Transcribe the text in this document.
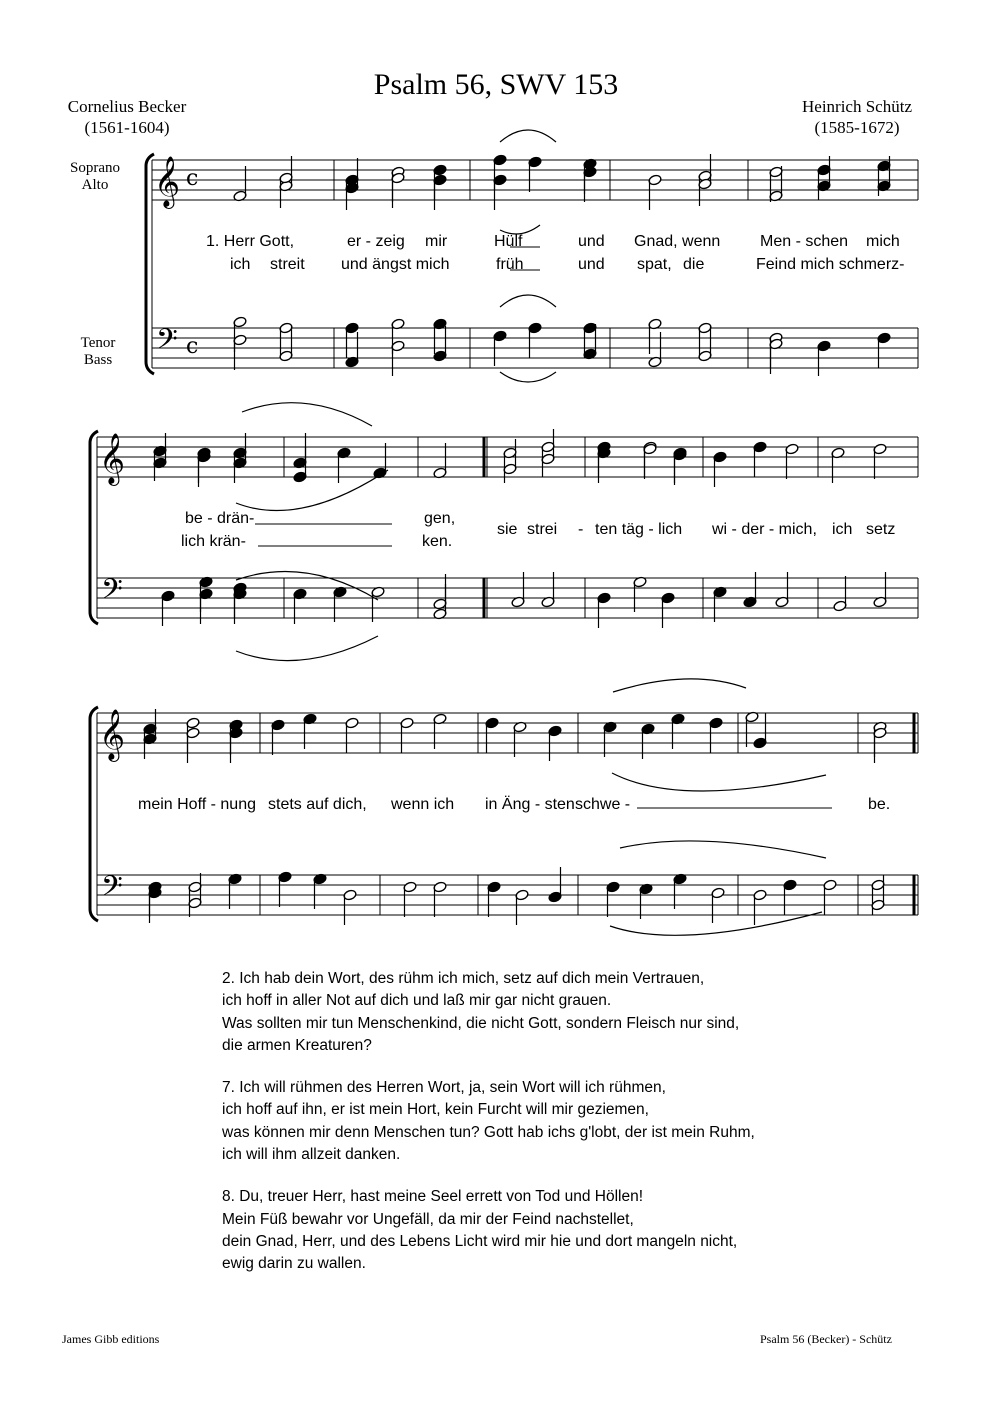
Psalm 56, SWV 153
Cornelius Becker
(1561-1604)
Heinrich Schütz
(1585-1672)
Soprano
Alto
Tenor
Bass
𝄞
𝄢
c
c
𝄞
𝄢
𝄞
𝄢
1. Herr Gott,	er - zeig mir	Hülf	und Gnad, wenn Men - schen mich
ich streit und ängst mich	früh	und spat, die	Feind mich schmerz-
be - drän-	gen,
lich krän-	ken.
sie strei - ten täg - lich wi - der - mich, ich setz
mein Hoff - nung stets auf dich, wenn ich in Äng - sten schwe -	be.
2. Ich hab dein Wort, des rühm ich mich, setz auf dich mein Vertrauen,
ich hoff in aller Not auf dich und laß mir gar nicht grauen.
Was sollten mir tun Menschenkind, die nicht Gott, sondern Fleisch nur sind,
die armen Kreaturen?
7. Ich will rühmen des Herren Wort, ja, sein Wort will ich rühmen,
ich hoff auf ihn, er ist mein Hort, kein Furcht will mir geziemen,
was können mir denn Menschen tun? Gott hab ichs g'lobt, der ist mein Ruhm,
ich will ihm allzeit danken.
8. Du, treuer Herr, hast meine Seel errett von Tod und Höllen!
Mein Füß bewahr vor Ungefäll, da mir der Feind nachstellet,
dein Gnad, Herr, und des Lebens Licht wird mir hie und dort mangeln nicht,
ewig darin zu wallen.
James Gibb editions	Psalm 56 (Becker) - Schütz
